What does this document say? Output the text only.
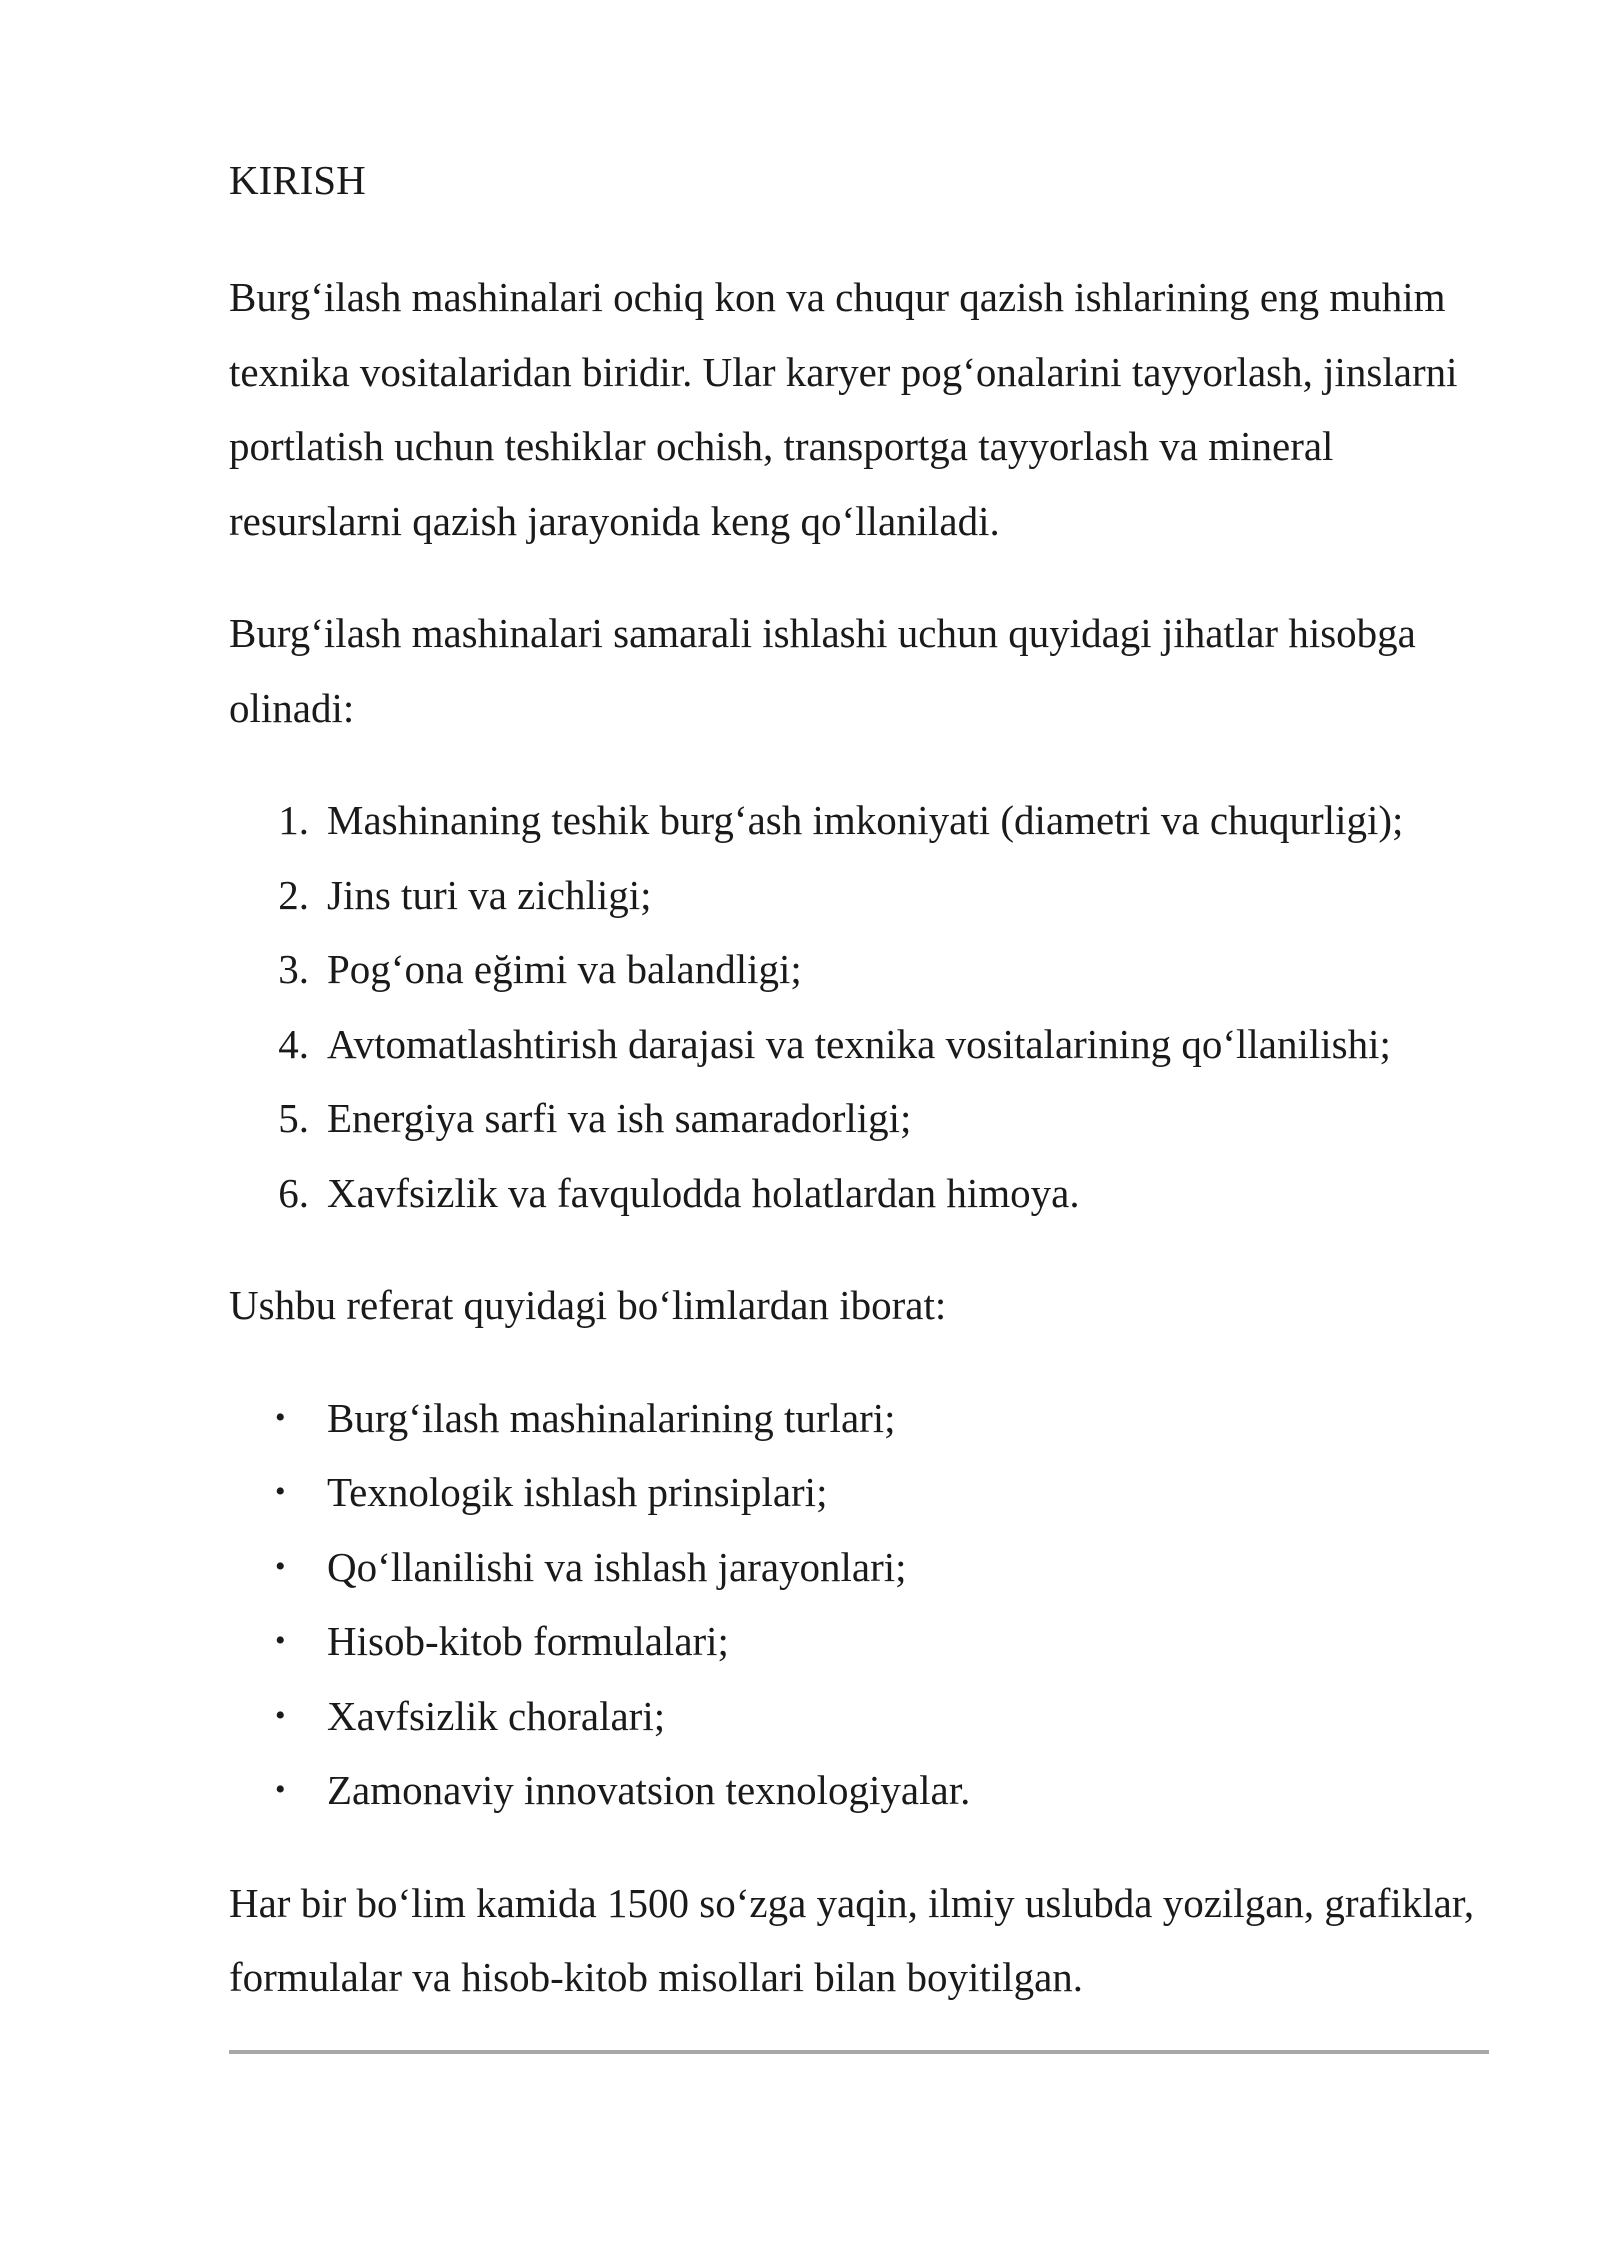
KIRISH

Burg‘ilash mashinalari ochiq kon va chuqur qazish ishlarining eng muhim texnika vositalaridan biridir. Ular karyer pog‘onalarini tayyorlash, jinslarni portlatish uchun teshiklar ochish, transportga tayyorlash va mineral resurslarni qazish jarayonida keng qo‘llaniladi.

Burg‘ilash mashinalari samarali ishlashi uchun quyidagi jihatlar hisobga olinadi:

1. Mashinaning teshik burg‘ash imkoniyati (diametri va chuqurligi);
2. Jins turi va zichligi;
3. Pog‘ona eğimi va balandligi;
4. Avtomatlashtirish darajasi va texnika vositalarining qo‘llanilishi;
5. Energiya sarfi va ish samaradorligi;
6. Xavfsizlik va favqulodda holatlardan himoya.

Ushbu referat quyidagi bo‘limlardan iborat:

• Burg‘ilash mashinalarining turlari;
• Texnologik ishlash prinsiplari;
• Qo‘llanilishi va ishlash jarayonlari;
• Hisob-kitob formulalari;
• Xavfsizlik choralari;
• Zamonaviy innovatsion texnologiyalar.

Har bir bo‘lim kamida 1500 so‘zga yaqin, ilmiy uslubda yozilgan, grafiklar, formulalar va hisob-kitob misollari bilan boyitilgan.
